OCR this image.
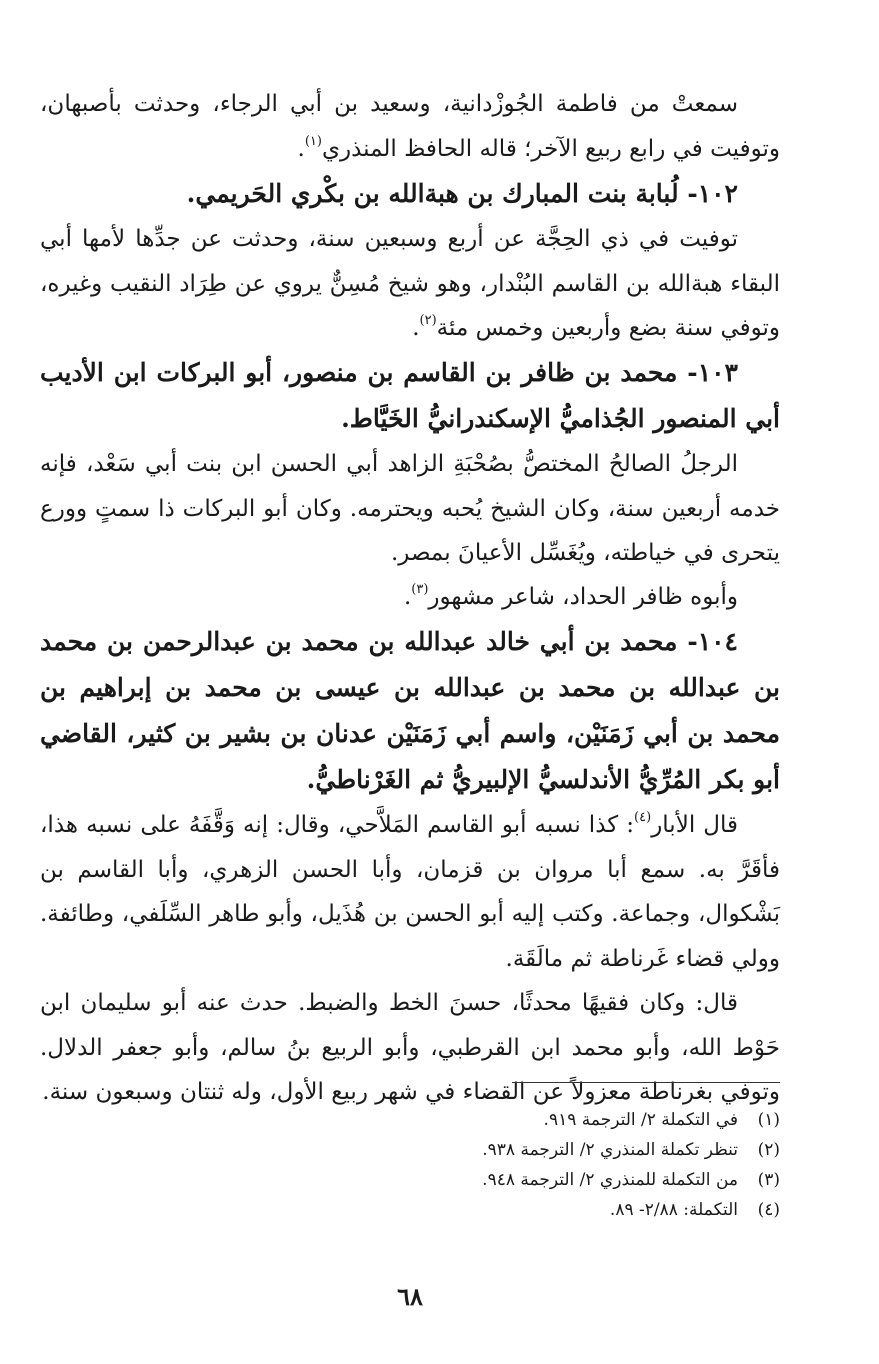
سمعتْ من فاطمة الجُوزْدانية، وسعيد بن أبي الرجاء، وحدثت بأصبهان، وتوفيت في رابع ربيع الآخر؛ قاله الحافظ المنذري$^{(١)}$.

١٠٢- لُبابة بنت المبارك بن هبةالله بن بكْري الحَريمي.

توفيت في ذي الحِجَّة عن أربع وسبعين سنة، وحدثت عن جدِّها لأمها أبي البقاء هبةالله بن القاسم البُنْدار، وهو شيخ مُسِنٌّ يروي عن طِرَاد النقيب وغيره، وتوفي سنة بضع وأربعين وخمس مئة$^{(٢)}$.

١٠٣- محمد بن ظافر بن القاسم بن منصور، أبو البركات ابن الأديب أبي المنصور الجُذاميُّ الإسكندرانيُّ الخَيَّاط.

الرجلُ الصالحُ المختصُّ بصُحْبَةِ الزاهد أبي الحسن ابن بنت أبي سَعْد، فإنه خدمه أربعين سنة، وكان الشيخ يُحبه ويحترمه. وكان أبو البركات ذا سمتٍ وورع يتحرى في خياطته، ويُغَسِّل الأعيانَ بمصر.

وأبوه ظافر الحداد، شاعر مشهور$^{(٣)}$.

١٠٤- محمد بن أبي خالد عبدالله بن محمد بن عبدالرحمن بن محمد بن عبدالله بن محمد بن عبدالله بن عيسى بن محمد بن إبراهيم بن محمد بن أبي زَمَنَيْن، واسم أبي زَمَنَيْن عدنان بن بشير بن كثير، القاضي أبو بكر المُرِّيُّ الأندلسيُّ الإلبيريُّ ثم الغَرْناطيُّ.

قال الأبار$^{(٤)}$: كذا نسبه أبو القاسم المَلاَّحي، وقال: إنه وَقَّفَهُ على نسبه هذا، فأقَرَّ به. سمع أبا مروان بن قزمان، وأبا الحسن الزهري، وأبا القاسم بن بَشْكوال، وجماعة. وكتب إليه أبو الحسن بن هُذَيل، وأبو طاهر السِّلَفي، وطائفة. وولي قضاء غَرناطة ثم مالَقَة.

قال: وكان فقيهًا محدثًا، حسنَ الخط والضبط. حدث عنه أبو سليمان ابن حَوْط الله، وأبو محمد ابن القرطبي، وأبو الربيع بنُ سالم، وأبو جعفر الدلال. وتوفي بغرناطة معزولاً عن القضاء في شهر ربيع الأول، وله ثنتان وسبعون سنة.

(١)
في التكملة ٢/ الترجمة ٩١٩.
(٢)
تنظر تكملة المنذري ٢/ الترجمة ٩٣٨.
(٣)
من التكملة للمنذري ٢/ الترجمة ٩٤٨.
(٤)
التكملة: ٢/٨٨- ٨٩.
٦٨
